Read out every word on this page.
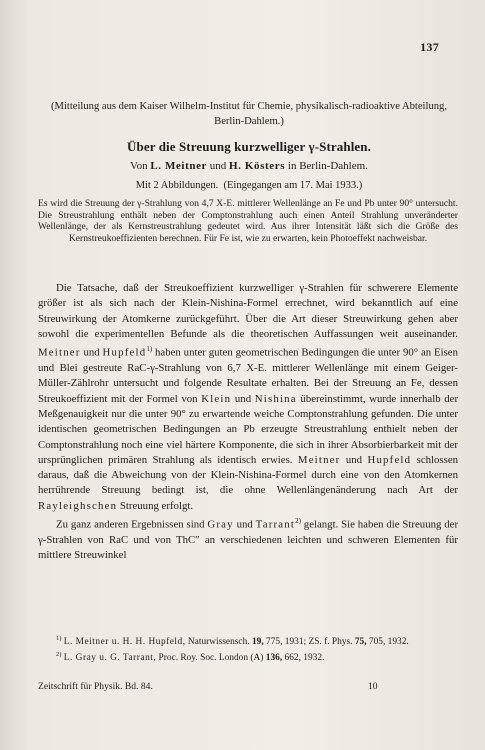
137
(Mitteilung aus dem Kaiser Wilhelm-Institut für Chemie, physikalisch-radioaktive Abteilung, Berlin-Dahlem.)
Über die Streuung kurzwelliger γ-Strahlen.
Von L. Meitner und H. Kösters in Berlin-Dahlem.
Mit 2 Abbildungen. (Eingegangen am 17. Mai 1933.)
Es wird die Streuung der γ-Strahlung von 4,7 X-E. mittlerer Wellenlänge an Fe und Pb unter 90° untersucht. Die Streustrahlung enthält neben der Comptonstrahlung auch einen Anteil Strahlung unveränderter Wellenlänge, der als Kernstreustrahlung gedeutet wird. Aus ihrer Intensität läßt sich die Größe des Kernstreukoeffizienten berechnen. Für Fe ist, wie zu erwarten, kein Photoeffekt nachweisbar.

Die Tatsache, daß der Streukoeffizient kurzwelliger γ-Strahlen für schwerere Elemente größer ist als sich nach der Klein-Nishina-Formel errechnet, wird bekanntlich auf eine Streuwirkung der Atomkerne zurückgeführt. Über die Art dieser Streuwirkung gehen aber sowohl die experimentellen Befunde als die theoretischen Auffassungen weit auseinander. Meitner und Hupfeld$^{1)}$ haben unter guten geometrischen Bedingungen die unter 90° an Eisen und Blei gestreute RaC-γ-Strahlung von 6,7 X-E. mittlerer Wellenlänge mit einem Geiger-Müller-Zählrohr untersucht und folgende Resultate erhalten. Bei der Streuung an Fe, dessen Streukoeffizient mit der Formel von Klein und Nishina übereinstimmt, wurde innerhalb der Meßgenauigkeit nur die unter 90° zu erwartende weiche Comptonstrahlung gefunden. Die unter identischen geometrischen Bedingungen an Pb erzeugte Streustrahlung enthielt neben der Comptonstrahlung noch eine viel härtere Komponente, die sich in ihrer Absorbierbarkeit mit der ursprünglichen primären Strahlung als identisch erwies. Meitner und Hupfeld schlossen daraus, daß die Abweichung von der Klein-Nishina-Formel durch eine von den Atomkernen herrührende Streuung bedingt ist, die ohne Wellenlängenänderung nach Art der Rayleighschen Streuung erfolgt.

Zu ganz anderen Ergebnissen sind Gray und Tarrant$^{2)}$ gelangt. Sie haben die Streuung der γ-Strahlen von RaC und von ThC″ an verschiedenen leichten und schweren Elementen für mittlere Streuwinkel

$^{1)}$ L. Meitner u. H. H. Hupfeld, Naturwissensch. 19, 775, 1931; ZS. f. Phys. 75, 705, 1932.

$^{2)}$ L. Gray u. G. Tarrant, Proc. Roy. Soc. London (A) 136, 662, 1932.

Zeitschrift für Physik. Bd. 84.	10
